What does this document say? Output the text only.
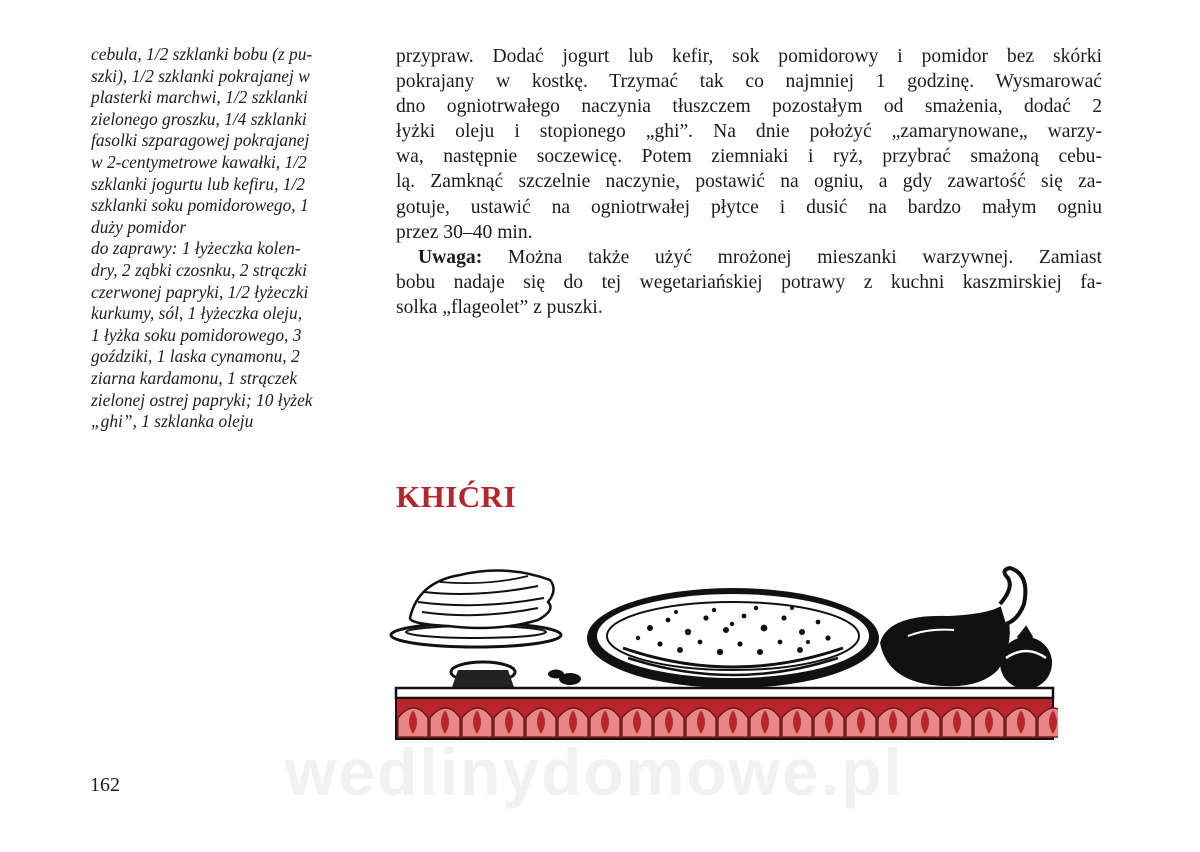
cebula, 1/2 szklanki bobu (z pu-
szki), 1/2 szklanki pokrajanej w
plasterki marchwi, 1/2 szklanki
zielonego groszku, 1/4 szklanki
fasolki szparagowej pokrajanej
w 2-centymetrowe kawałki, 1/2
szklanki jogurtu lub kefiru, 1/2
szklanki soku pomidorowego, 1
duży pomidor
do zaprawy: 1 łyżeczka kolen-
dry, 2 ząbki czosnku, 2 strączki
czerwonej papryki, 1/2 łyżeczki
kurkumy, sól, 1 łyżeczka oleju,
1 łyżka soku pomidorowego, 3
goździki, 1 laska cynamonu, 2
ziarna kardamonu, 1 strączek
zielonej ostrej papryki; 10 łyżek
„ghi”, 1 szklanka oleju
przypraw. Dodać jogurt lub kefir, sok pomidorowy i pomidor bez skórki
pokrajany w kostkę. Trzymać tak co najmniej 1 godzinę. Wysmarować
dno ogniotrwałego naczynia tłuszczem pozostałym od smażenia, dodać 2
łyżki oleju i stopionego „ghi”. Na dnie położyć „zamarynowane„ warzy-
wa, następnie soczewicę. Potem ziemniaki i ryż, przybrać smażoną cebu-
lą. Zamknąć szczelnie naczynie, postawić na ogniu, a gdy zawartość się za-
gotuje, ustawić na ogniotrwałej płytce i dusić na bardzo małym ogniu
przez 30–40 min.
Uwaga: Można także użyć mrożonej mieszanki warzywnej. Zamiast
bobu nadaje się do tej wegetariańskiej potrawy z kuchni kaszmirskiej fa-
solka „flageolet” z puszki.
KHIĆRI
162	wedlinydomowe.pl
